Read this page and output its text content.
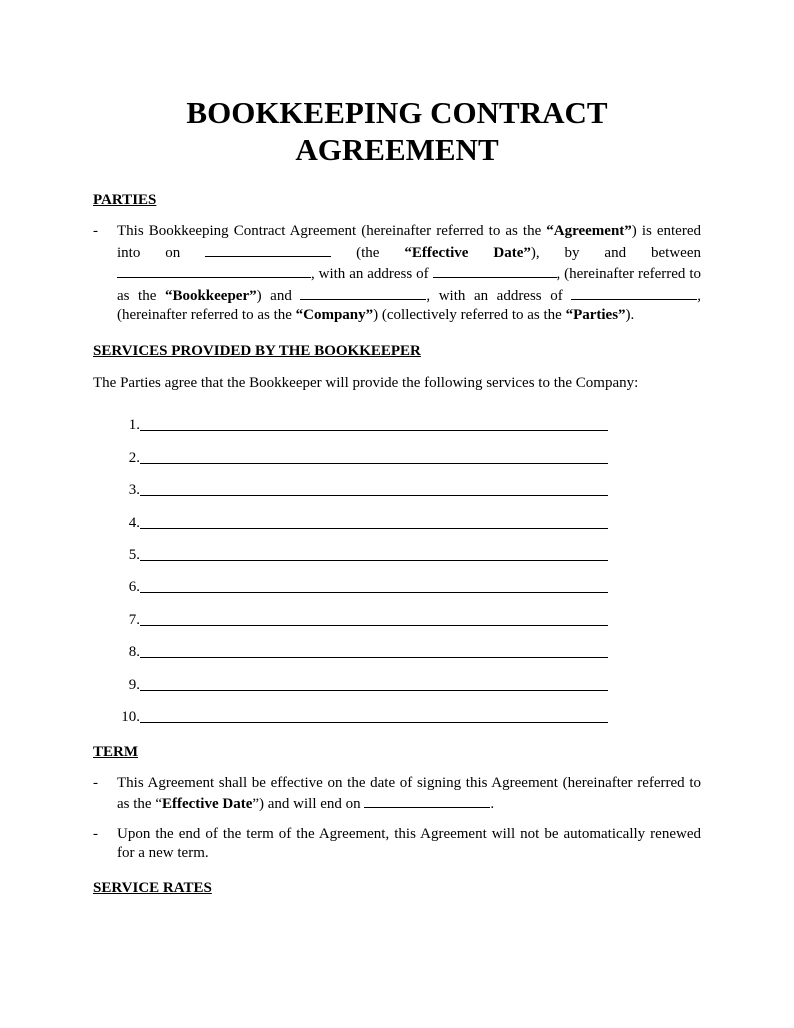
BOOKKEEPING CONTRACT
AGREEMENT
PARTIES
-	This Bookkeeping Contract Agreement (hereinafter referred to as the “Agreement”) is entered into on	(the “Effective Date”), by and between , with an address of	, (hereinafter referred to as the “Bookkeeper”) and	, with an address of	, (hereinafter referred to as the “Company”) (collectively referred to as the “Parties”).
SERVICES PROVIDED BY THE BOOKKEEPER
The Parties agree that the Bookkeeper will provide the following services to the Company:
1.
2.
3.
4.
5.
6.
7.
8.
9.
10.
TERM
-	This Agreement shall be effective on the date of signing this Agreement (hereinafter referred to as the “Effective Date”) and will end on	.
-	Upon the end of the term of the Agreement, this Agreement will not be automatically renewed for a new term.
SERVICE RATES
